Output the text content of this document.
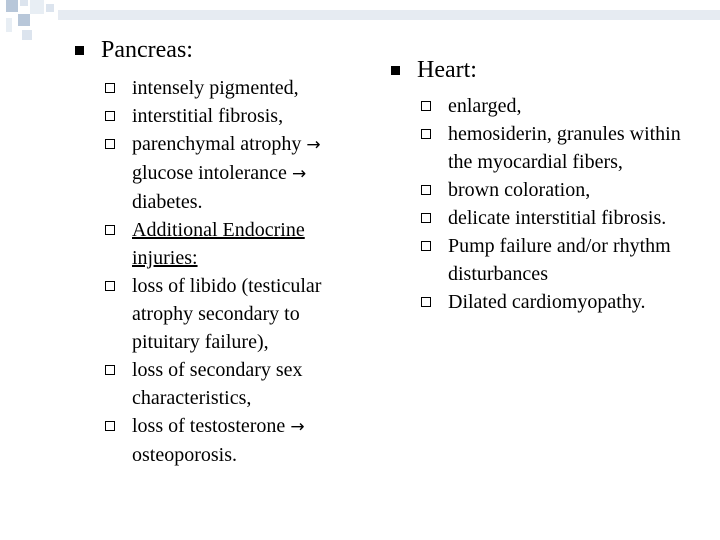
Pancreas:
intensely pigmented,
interstitial fibrosis,
parenchymal atrophy → glucose intolerance → diabetes.
Additional Endocrine injuries:
loss of libido (testicular atrophy secondary to pituitary failure),
loss of secondary sex characteristics,
loss of testosterone → osteoporosis.
Heart:
enlarged,
hemosiderin, granules within the myocardial fibers,
brown coloration,
delicate interstitial fibrosis.
Pump failure and/or rhythm disturbances
Dilated cardiomyopathy.
